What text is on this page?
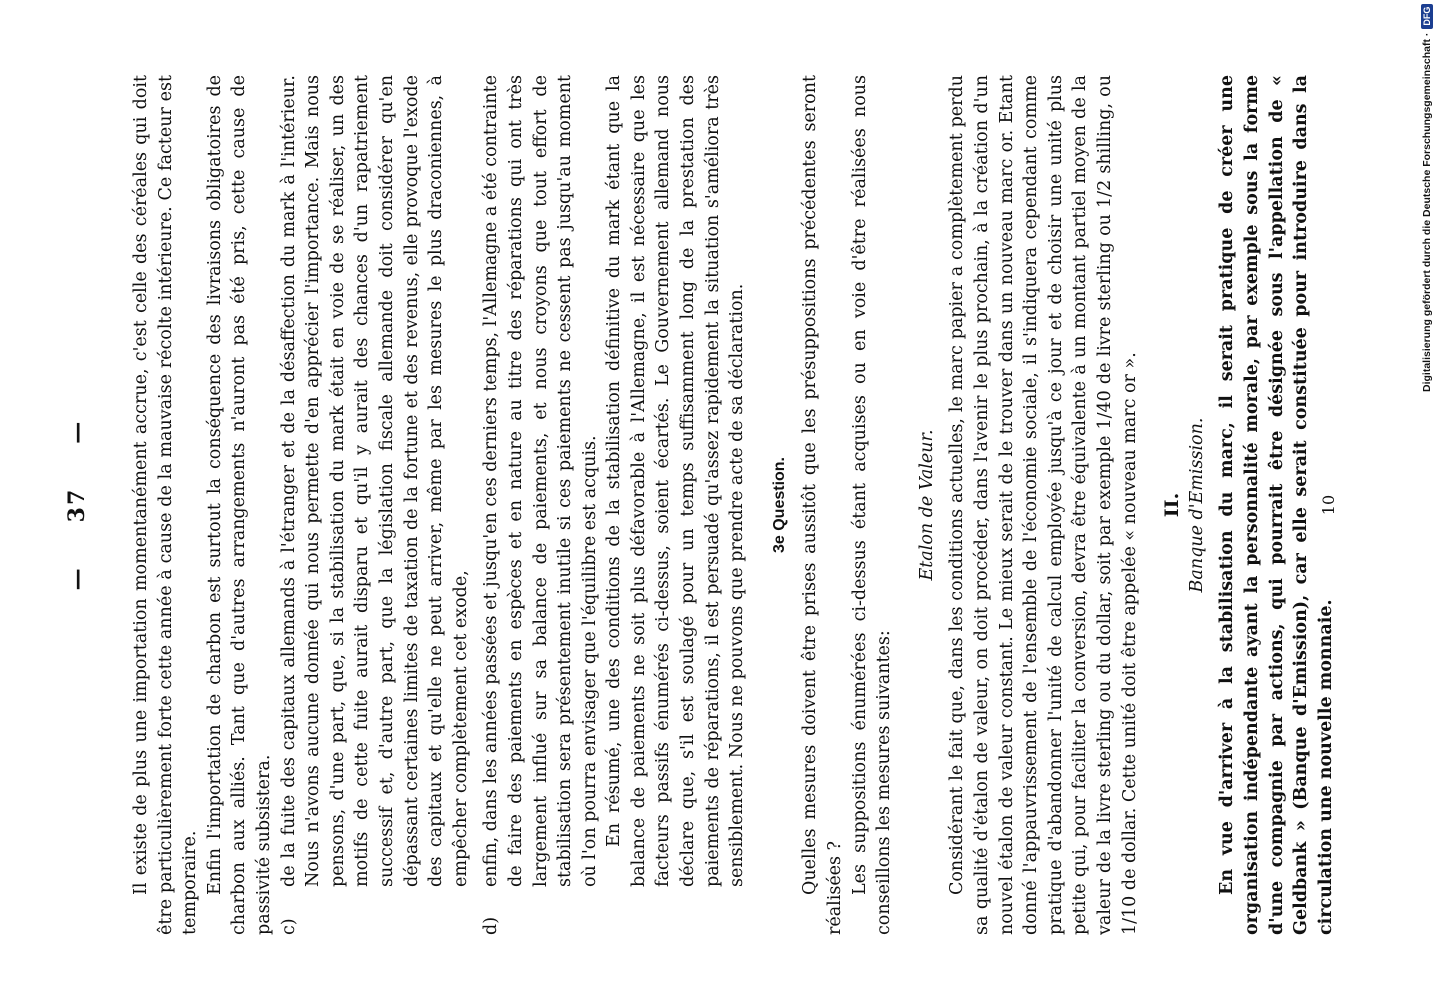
—37— Il existe de plus une importation momentanément accrue, c'est celle des céréales qui doit être particulièrement forte cette année à cause de la mauvaise récolte intérieure. Ce facteur est temporaire. Enfin l'importation de charbon est surtout la conséquence des livraisons obligatoires de charbon aux alliés. Tant que d'autres arrangements n'auront pas été pris, cette cause de passivité subsistera. c)
de la fuite des capitaux allemands à l'étranger et de la désaffection du mark à l'intérieur. Nous n'avons aucune donnée qui nous permette d'en apprécier l'importance. Mais nous pensons, d'une part, que, si la stabilisation du mark était en voie de se réaliser, un des motifs de cette fuite aurait disparu et qu'il y aurait des chances d'un rapatriement successif et, d'autre part, que la législation fiscale allemande doit considérer qu'en dépassant certaines limites de taxation de la fortune et des revenus, elle provoque l'exode des capitaux et qu'elle ne peut arriver, même par les mesures le plus draconiennes, à empêcher complètement cet exode,
d)
enfin, dans les années passées et jusqu'en ces derniers temps, l'Allemagne a été contrainte de faire des paiements en espèces et en nature au titre des réparations qui ont très largement influé sur sa balance de paiements, et nous croyons que tout effort de stabilisation sera présentement inutile si ces paiements ne cessent pas jusqu'au moment où l'on pourra envisager que l'équilibre est acquis. En résumé, une des conditions de la stabilisation définitive du mark étant que la balance de paiements ne soit plus défavorable à l'Allemagne, il est nécessaire que les facteurs passifs énumérés ci-dessus, soient écartés. Le Gouvernement allemand nous déclare que, s'il est soulagé pour un temps suffisamment long de la prestation des paiements de réparations, il est persuadé qu'assez rapidement la situation s'améliora très sensiblement. Nous ne pouvons que prendre acte de sa déclaration. 3e Question. Quelles mesures doivent être prises aussitôt que les présuppositions précédentes seront réalisées ? Les suppositions énumérées ci-dessus étant acquises ou en voie d'être réalisées nous conseillons les mesures suivantes:

Etalon de Valeur. Considérant le fait que, dans les conditions actuelles, le marc papier a complètement perdu sa qualité d'étalon de valeur, on doit procéder, dans l'avenir le plus prochain, à la création d'un nouvel étalon de valeur constant. Le mieux serait de le trouver dans un nouveau marc or. Etant donné l'appauvrissement de l'ensemble de l'économie sociale, il s'indiquera cependant comme pratique d'abandonner l'unité de calcul employée jusqu'à ce jour et de choisir une unité plus petite qui, pour faciliter la conversion, devra être équivalente à un montant partiel moyen de la valeur de la livre sterling ou du dollar, soit par exemple 1/40 de livre sterling ou 1/2 shilling, ou 1/10 de dollar. Cette unité doit être appelée « nouveau marc or ». II. Banque d'Emission. En vue d'arriver à la stabilisation du marc, il serait pratique de créer une organisation indépendante ayant la personnalité morale, par exemple sous la forme d'une compagnie par actions, qui pourrait être désignée sous l'appellation de « Geldbank » (Banque d'Emission), car elle serait constituée pour introduire dans la circulation une nouvelle monnaie.

10
Digitalisierung gefördert durch die Deutsche Forschungsgemeinschaft ·
DFG
